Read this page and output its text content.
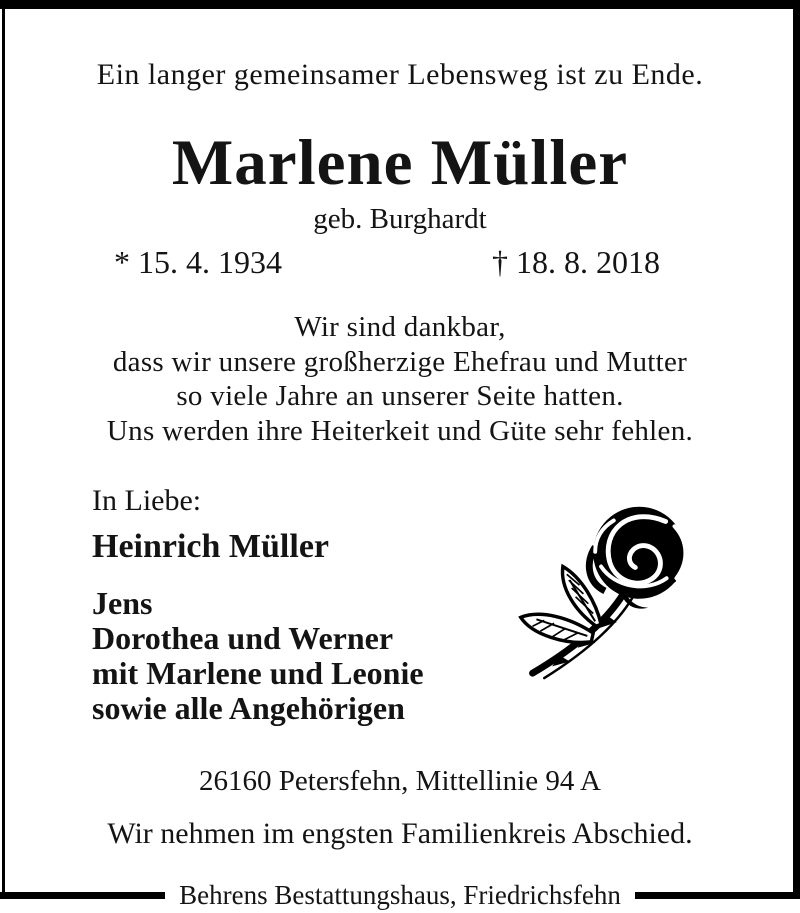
Ein langer gemeinsamer Lebensweg ist zu Ende.
Marlene Müller
geb. Burghardt
* 15. 4. 1934	† 18. 8. 2018
Wir sind dankbar,
dass wir unsere großherzige Ehefrau und Mutter
so viele Jahre an unserer Seite hatten.
Uns werden ihre Heiterkeit und Güte sehr fehlen.
In Liebe:
Heinrich Müller
Jens
Dorothea und Werner
mit Marlene und Leonie
sowie alle Angehörigen
26160 Petersfehn, Mittellinie 94 A
Wir nehmen im engsten Familienkreis Abschied.
Behrens Bestattungshaus, Friedrichsfehn
